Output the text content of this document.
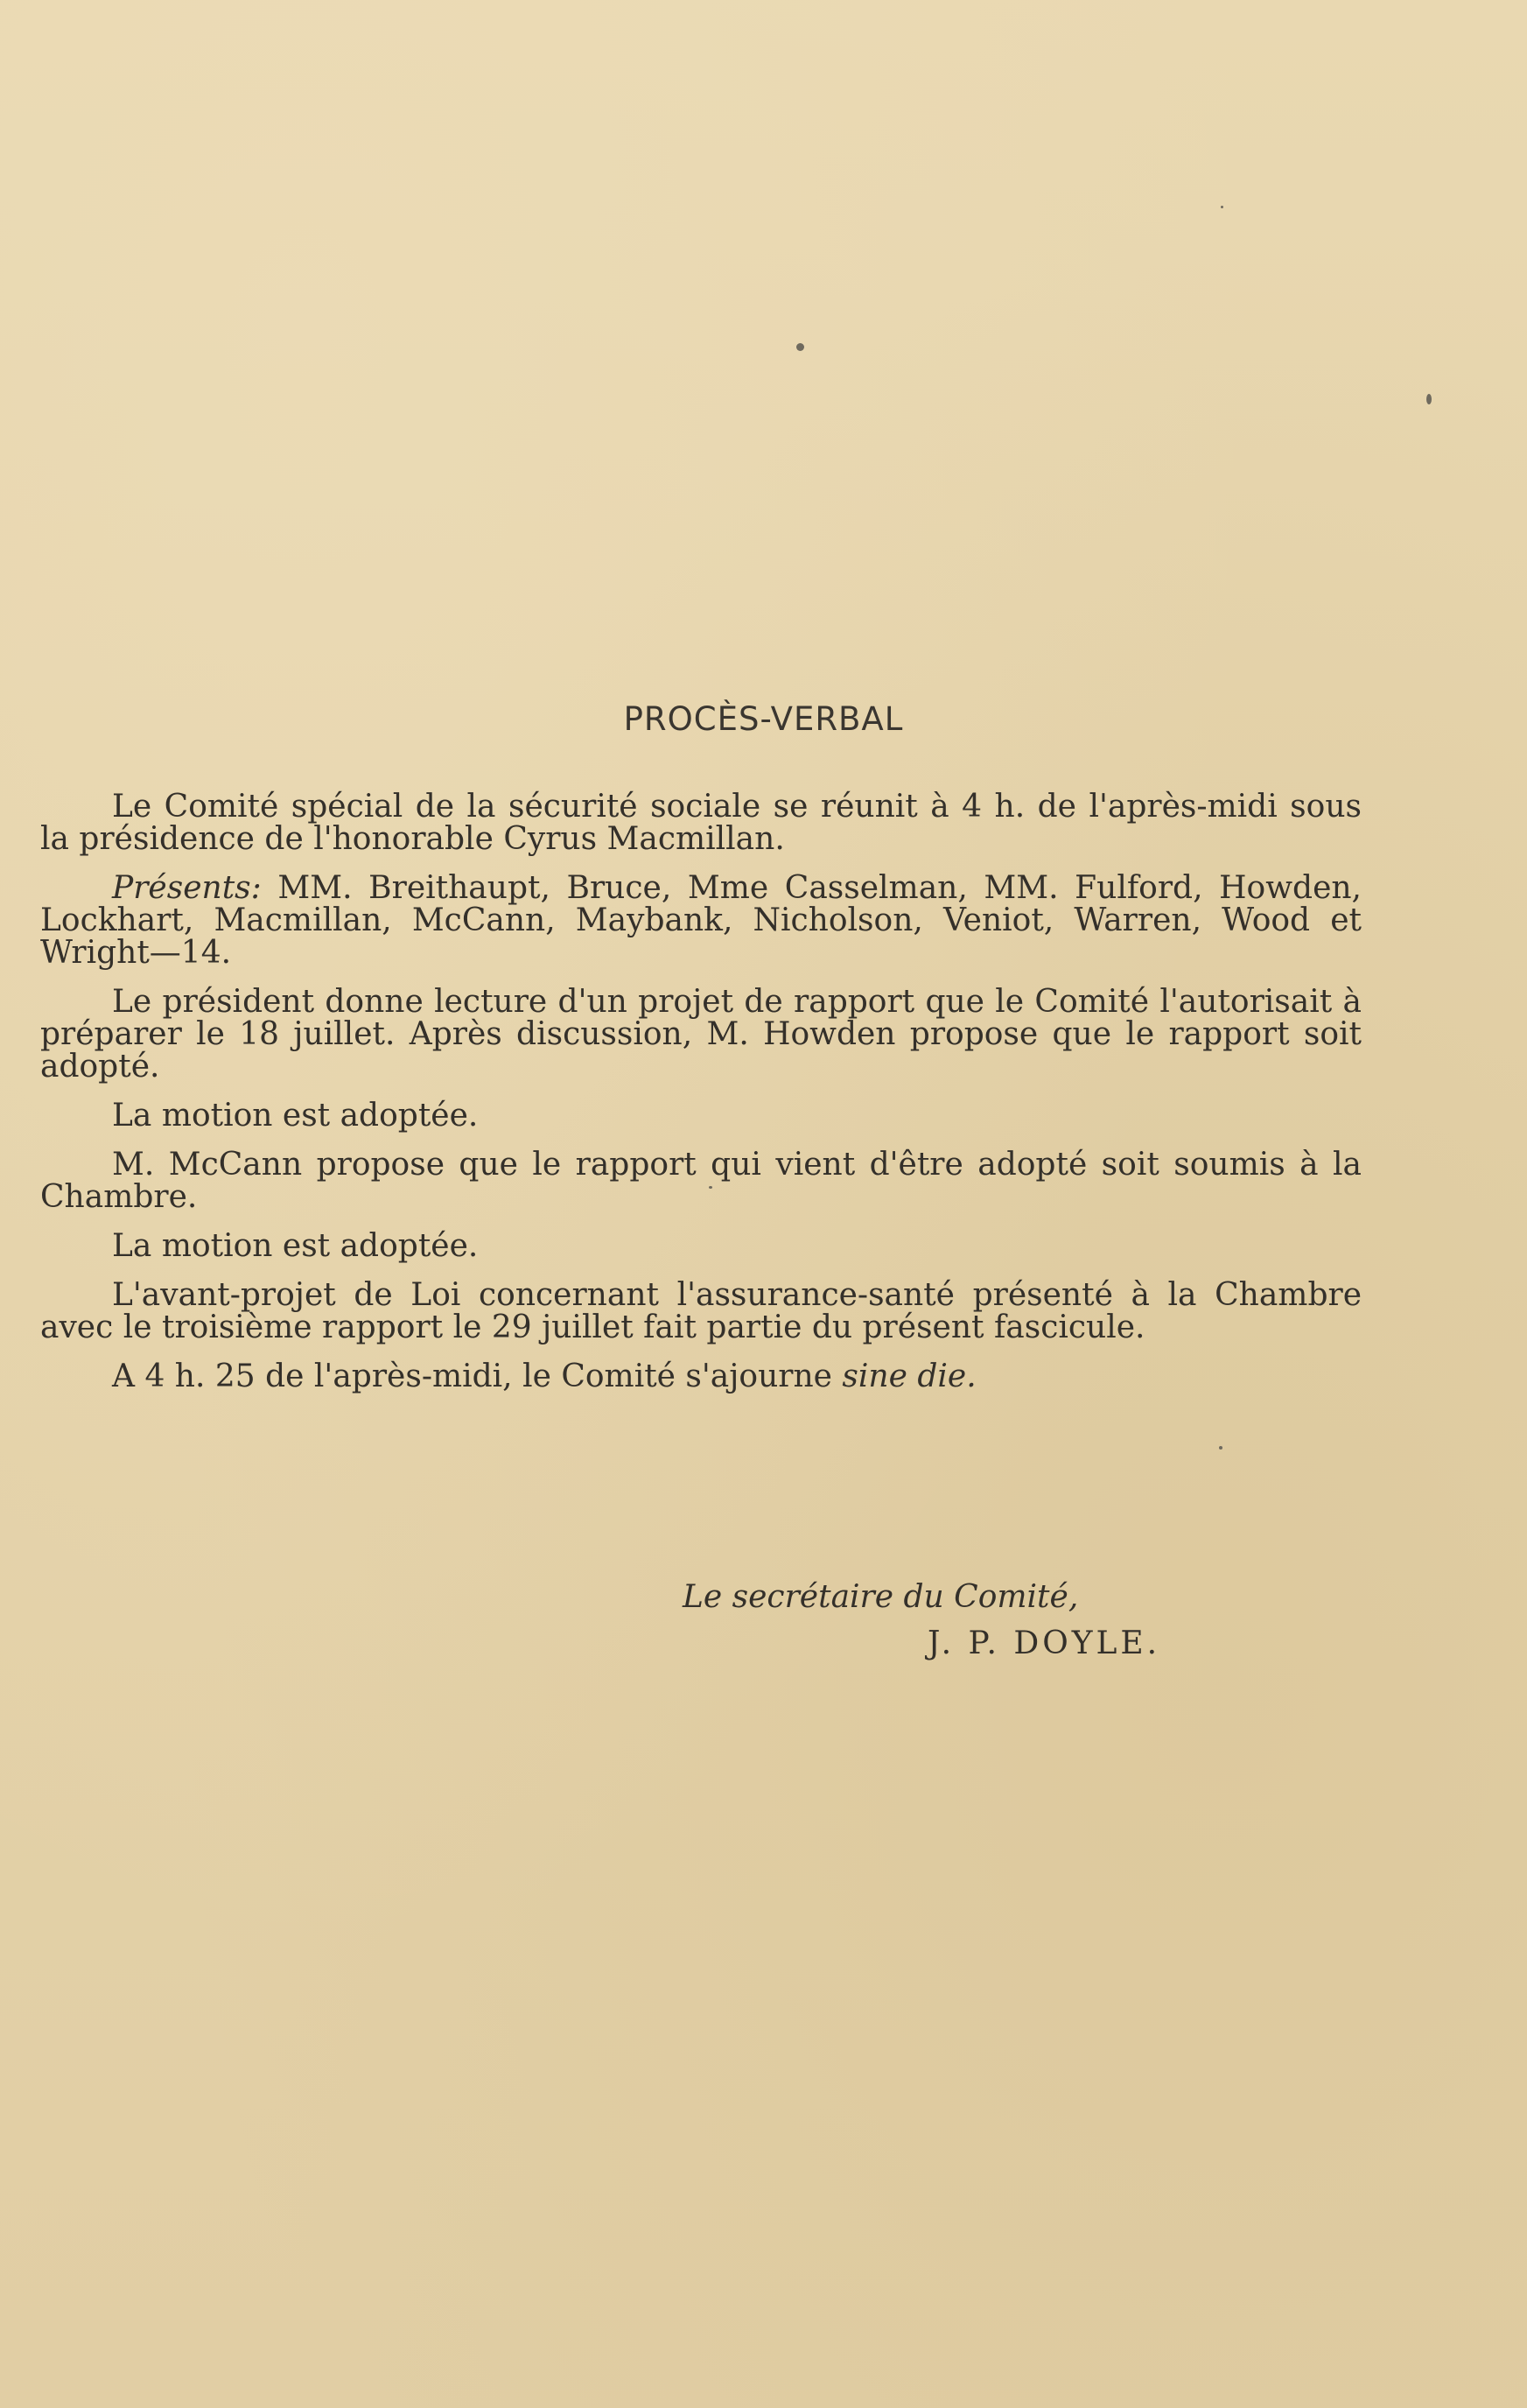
PROCÈS-VERBAL

Le Comité spécial de la sécurité sociale se réunit à 4 h. de l'après-midi sous la présidence de l'honorable Cyrus Macmillan.

Présents: MM. Breithaupt, Bruce, Mme Casselman, MM. Fulford, Howden, Lockhart, Macmillan, McCann, Maybank, Nicholson, Veniot, Warren, Wood et Wright—14.

Le président donne lecture d'un projet de rapport que le Comité l'autorisait à préparer le 18 juillet. Après discussion, M. Howden propose que le rapport soit adopté.

La motion est adoptée.

M. McCann propose que le rapport qui vient d'être adopté soit soumis à la Chambre.

La motion est adoptée.

L'avant-projet de Loi concernant l'assurance-santé présenté à la Chambre avec le troisième rapport le 29 juillet fait partie du présent fascicule.

A 4 h. 25 de l'après-midi, le Comité s'ajourne sine die.

Le secrétaire du Comité,
J. P. DOYLE.
